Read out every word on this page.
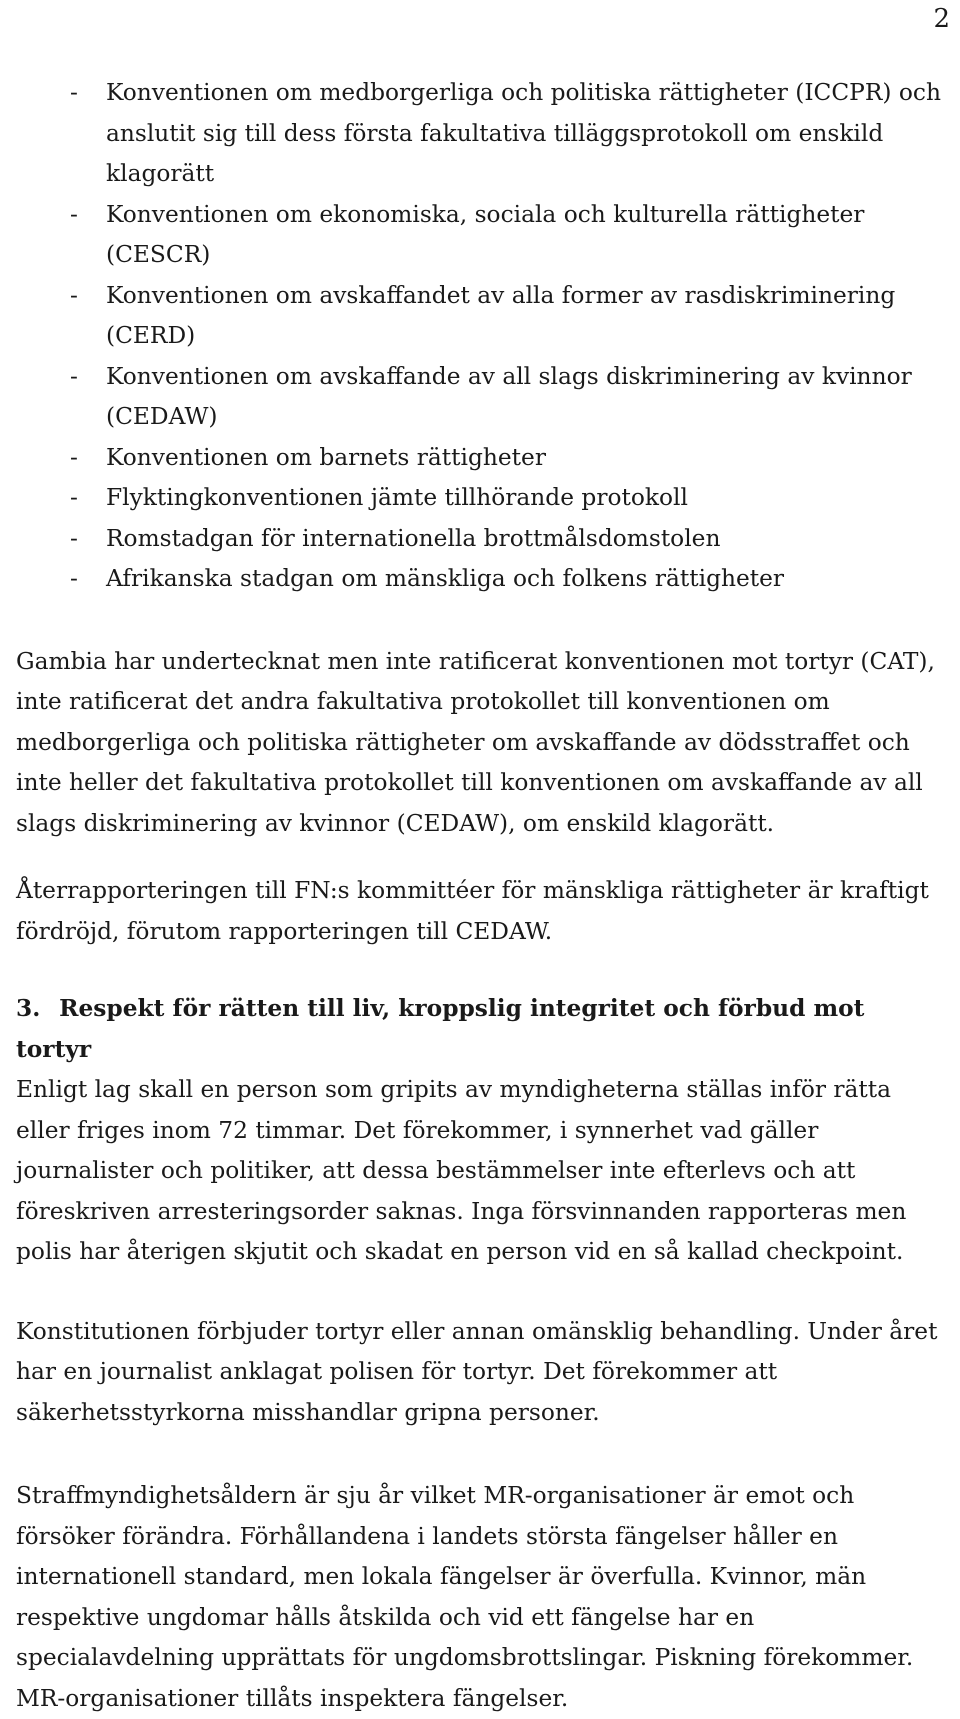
2
- Konventionen om medborgerliga och politiska rättigheter (ICCPR) och anslutit sig till dess första fakultativa tilläggsprotokoll om enskild klagorätt
- Konventionen om ekonomiska, sociala och kulturella rättigheter (CESCR)
- Konventionen om avskaffandet av alla former av rasdiskriminering (CERD)
- Konventionen om avskaffande av all slags diskriminering av kvinnor (CEDAW)
- Konventionen om barnets rättigheter
- Flyktingkonventionen jämte tillhörande protokoll
- Romstadgan för internationella brottmålsdomstolen
- Afrikanska stadgan om mänskliga och folkens rättigheter

Gambia har undertecknat men inte ratificerat konventionen mot tortyr (CAT), inte ratificerat det andra fakultativa protokollet till konventionen om medborgerliga och politiska rättigheter om avskaffande av dödsstraffet och inte heller det fakultativa protokollet till konventionen om avskaffande av all slags diskriminering av kvinnor (CEDAW), om enskild klagorätt.

Återrapporteringen till FN:s kommittéer för mänskliga rättigheter är kraftigt fördröjd, förutom rapporteringen till CEDAW.

3. Respekt för rätten till liv, kroppslig integritet och förbud mot tortyr

Enligt lag skall en person som gripits av myndigheterna ställas inför rätta eller friges inom 72 timmar. Det förekommer, i synnerhet vad gäller journalister och politiker, att dessa bestämmelser inte efterlevs och att föreskriven arresteringsorder saknas. Inga försvinnanden rapporteras men polis har återigen skjutit och skadat en person vid en så kallad checkpoint.

Konstitutionen förbjuder tortyr eller annan omänsklig behandling. Under året har en journalist anklagat polisen för tortyr. Det förekommer att säkerhetsstyrkorna misshandlar gripna personer.

Straffmyndighetsåldern är sju år vilket MR-organisationer är emot och försöker förändra. Förhållandena i landets största fängelser håller en internationell standard, men lokala fängelser är överfulla. Kvinnor, män respektive ungdomar hålls åtskilda och vid ett fängelse har en specialavdelning upprättats för ungdomsbrottslingar. Piskning förekommer. MR-organisationer tillåts inspektera fängelser.
